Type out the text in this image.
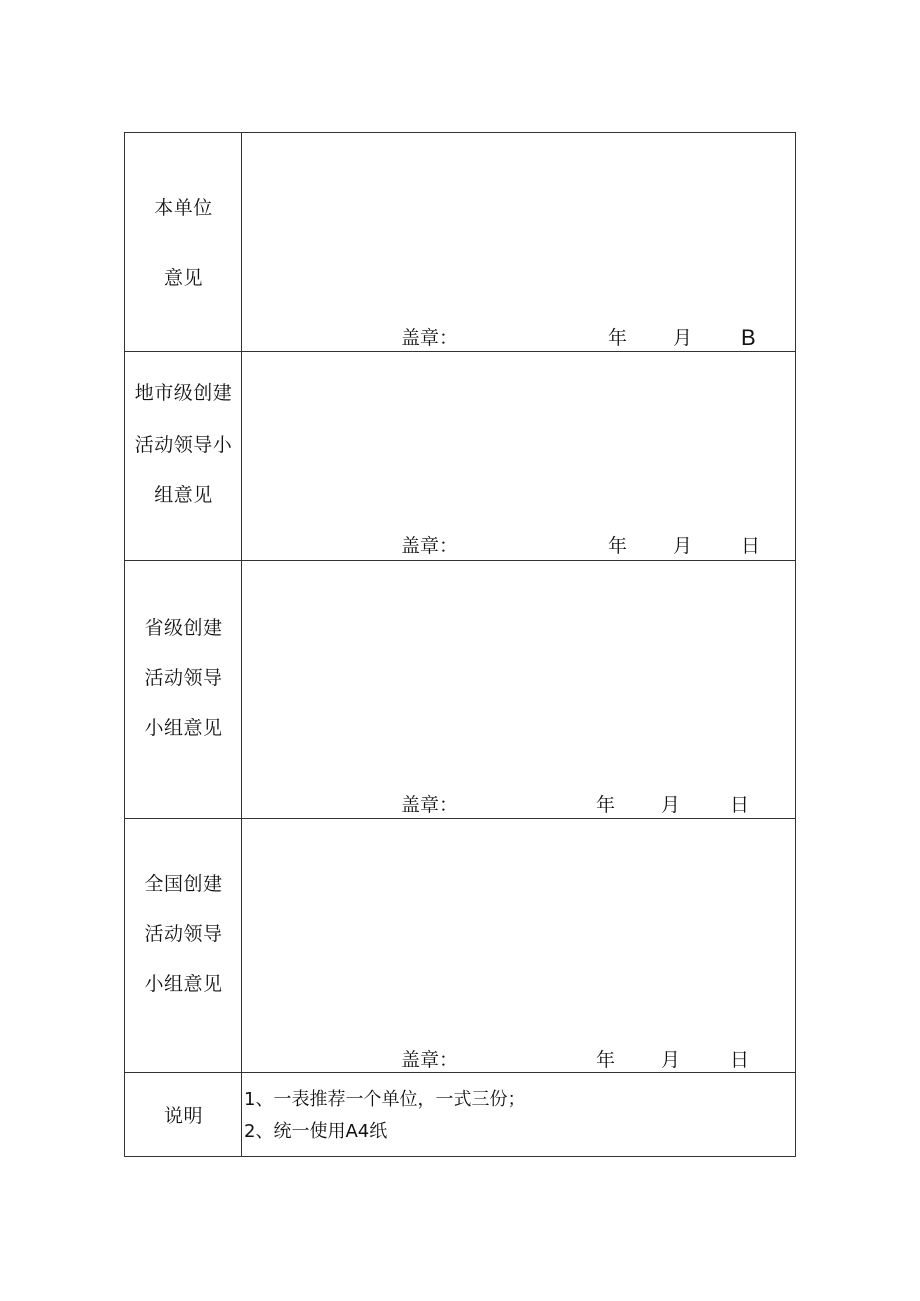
本单位
意见
盖章：	年 月 B
地市级创建
活动领导小
组意见
盖章：	年 月	日
省级创建
活动领导
小组意见
盖章：	年 月	日
全国创建
活动领导
小组意见
盖章：	年 月	日
说明
1、一表推荐一个单位，一式三份；
2、统一使用A4纸
